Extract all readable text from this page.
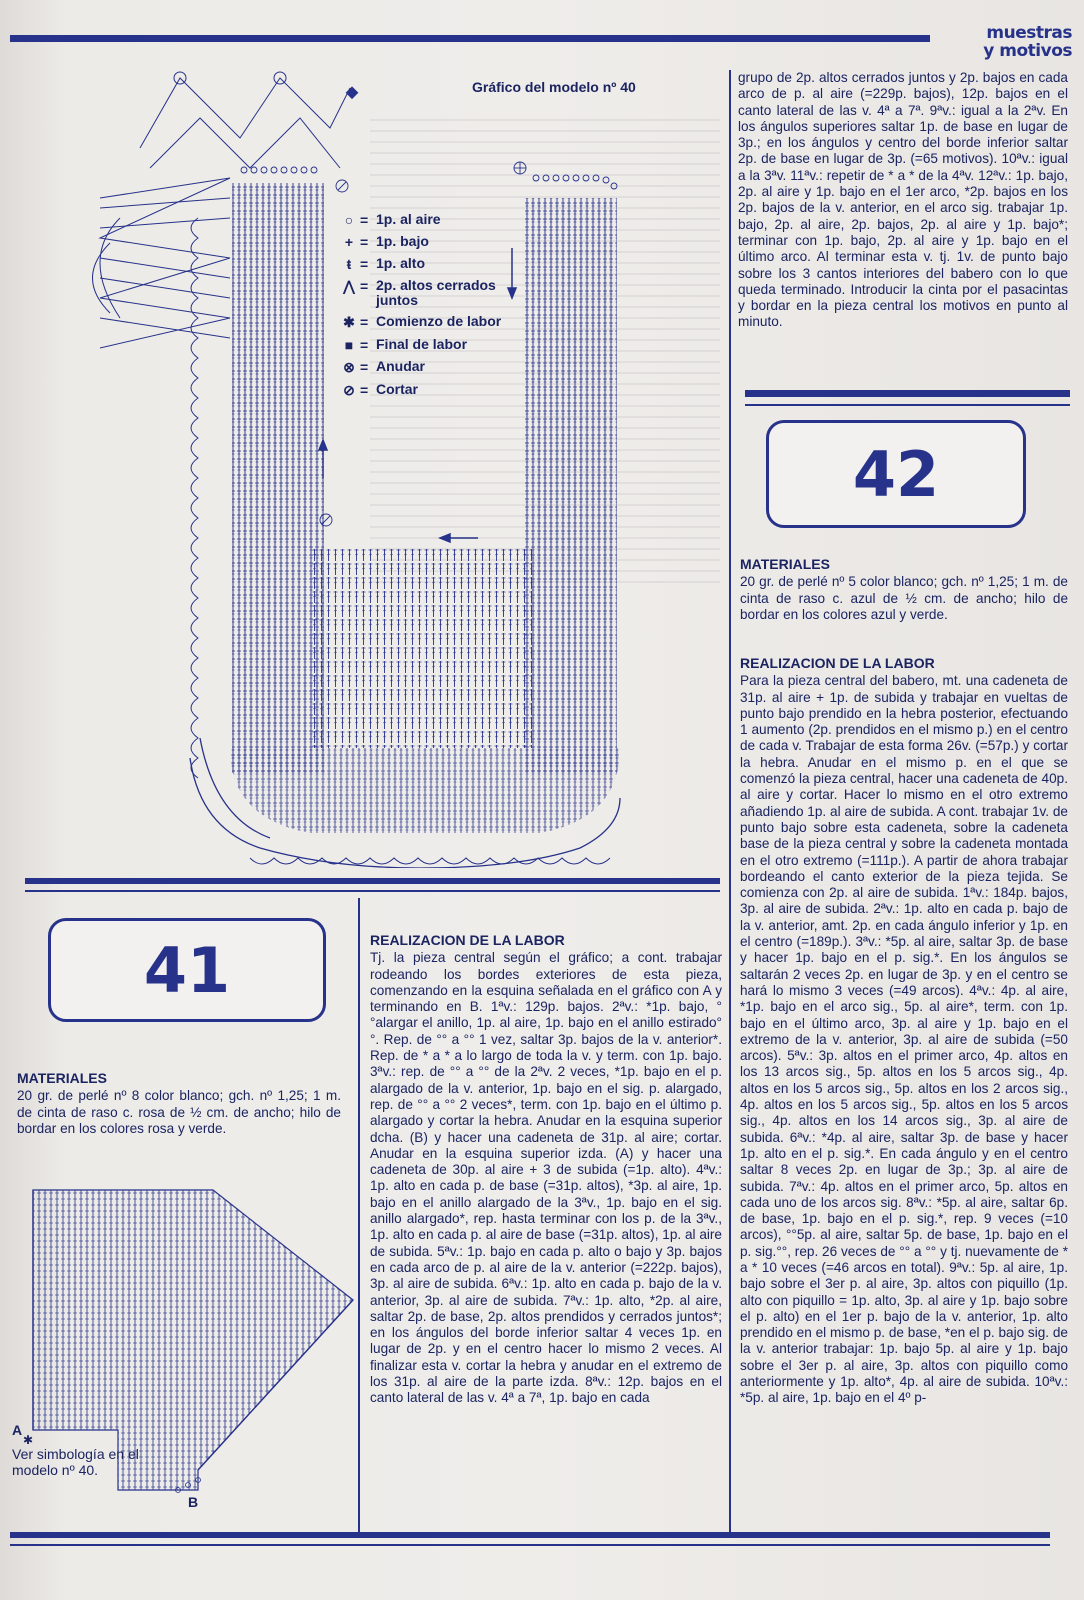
muestras
y motivos
Gráfico del modelo nº 40
○ = 1p. al aire
+ = 1p. bajo
ŧ = 1p. alto
⋀ = 2p. altos cerrados juntos
✱ = Comienzo de labor
■ = Final de labor
⊗ = Anudar
⊘ = Cortar
grupo de 2p. altos cerrados juntos y 2p. bajos en cada arco de p. al aire (=229p. bajos), 12p. bajos en el canto lateral de las v. 4ª a 7ª. 9ªv.: igual a la 2ªv. En los ángulos superiores saltar 1p. de base en lugar de 3p.; en los ángulos y centro del borde inferior saltar 2p. de base en lugar de 3p. (=65 motivos). 10ªv.: igual a la 3ªv. 11ªv.: repetir de * a * de la 4ªv. 12ªv.: 1p. bajo, 2p. al aire y 1p. bajo en el 1er arco, *2p. bajos en los 2p. bajos de la v. anterior, en el arco sig. trabajar 1p. bajo, 2p. al aire, 2p. bajos, 2p. al aire y 1p. bajo*; terminar con 1p. bajo, 2p. al aire y 1p. bajo en el último arco. Al terminar esta v. tj. 1v. de punto bajo sobre los 3 cantos interiores del babero con lo que queda terminado. Introducir la cinta por el pasacintas y bordar en la pieza central los motivos en punto al minuto.
42
MATERIALES
20 gr. de perlé nº 5 color blanco; gch. nº 1,25; 1 m. de cinta de raso c. azul de ½ cm. de ancho; hilo de bordar en los colores azul y verde.
REALIZACION DE LA LABOR
Para la pieza central del babero, mt. una cadeneta de 31p. al aire + 1p. de subida y trabajar en vueltas de punto bajo prendido en la hebra posterior, efectuando 1 aumento (2p. prendidos en el mismo p.) en el centro de cada v. Trabajar de esta forma 26v. (=57p.) y cortar la hebra. Anudar en el mismo p. en el que se comenzó la pieza central, hacer una cadeneta de 40p. al aire y cortar. Hacer lo mismo en el otro extremo añadiendo 1p. al aire de subida. A cont. trabajar 1v. de punto bajo sobre esta cadeneta, sobre la cadeneta base de la pieza central y sobre la cadeneta montada en el otro extremo (=111p.). A partir de ahora trabajar bordeando el canto exterior de la pieza tejida. Se comienza con 2p. al aire de subida. 1ªv.: 184p. bajos, 3p. al aire de subida. 2ªv.: 1p. alto en cada p. bajo de la v. anterior, amt. 2p. en cada ángulo inferior y 1p. en el centro (=189p.). 3ªv.: *5p. al aire, saltar 3p. de base y hacer 1p. bajo en el p. sig.*. En los ángulos se saltarán 2 veces 2p. en lugar de 3p. y en el centro se hará lo mismo 3 veces (=49 arcos). 4ªv.: 4p. al aire, *1p. bajo en el arco sig., 5p. al aire*, term. con 1p. bajo en el último arco, 3p. al aire y 1p. bajo en el extremo de la v. anterior, 3p. al aire de subida (=50 arcos). 5ªv.: 3p. altos en el primer arco, 4p. altos en los 13 arcos sig., 5p. altos en los 5 arcos sig., 4p. altos en los 5 arcos sig., 5p. altos en los 2 arcos sig., 4p. altos en los 5 arcos sig., 5p. altos en los 5 arcos sig., 4p. altos en los 14 arcos sig., 3p. al aire de subida. 6ªv.: *4p. al aire, saltar 3p. de base y hacer 1p. alto en el p. sig.*. En cada ángulo y en el centro saltar 8 veces 2p. en lugar de 3p.; 3p. al aire de subida. 7ªv.: 4p. altos en el primer arco, 5p. altos en cada uno de los arcos sig. 8ªv.: *5p. al aire, saltar 6p. de base, 1p. bajo en el p. sig.*, rep. 9 veces (=10 arcos), °°5p. al aire, saltar 5p. de base, 1p. bajo en el p. sig.°°, rep. 26 veces de °° a °° y tj. nuevamente de * a * 10 veces (=46 arcos en total). 9ªv.: 5p. al aire, 1p. bajo sobre el 3er p. al aire, 3p. altos con piquillo (1p. alto con piquillo = 1p. alto, 3p. al aire y 1p. bajo sobre el p. alto) en el 1er p. bajo de la v. anterior, 1p. alto prendido en el mismo p. de base, *en el p. bajo sig. de la v. anterior trabajar: 1p. bajo 5p. al aire y 1p. bajo sobre el 3er p. al aire, 3p. altos con piquillo como anteriormente y 1p. alto*, 4p. al aire de subida. 10ªv.: *5p. al aire, 1p. bajo en el 4º p-
41
MATERIALES
20 gr. de perlé nº 8 color blanco; gch. nº 1,25; 1 m. de cinta de raso c. rosa de ½ cm. de ancho; hilo de bordar en los colores rosa y verde.
A
✱
B
Ver simbología en el modelo nº 40.
REALIZACION DE LA LABOR
Tj. la pieza central según el gráfico; a cont. trabajar rodeando los bordes exteriores de esta pieza, comenzando en la esquina señalada en el gráfico con A y terminando en B. 1ªv.: 129p. bajos. 2ªv.: *1p. bajo, °°alargar el anillo, 1p. al aire, 1p. bajo en el anillo estirado°°. Rep. de °° a °° 1 vez, saltar 3p. bajos de la v. anterior*. Rep. de * a * a lo largo de toda la v. y term. con 1p. bajo. 3ªv.: rep. de °° a °° de la 2ªv. 2 veces, *1p. bajo en el p. alargado de la v. anterior, 1p. bajo en el sig. p. alargado, rep. de °° a °° 2 veces*, term. con 1p. bajo en el último p. alargado y cortar la hebra. Anudar en la esquina superior dcha. (B) y hacer una cadeneta de 31p. al aire; cortar. Anudar en la esquina superior izda. (A) y hacer una cadeneta de 30p. al aire + 3 de subida (=1p. alto). 4ªv.: 1p. alto en cada p. de base (=31p. altos), *3p. al aire, 1p. bajo en el anillo alargado de la 3ªv., 1p. bajo en el sig. anillo alargado*, rep. hasta terminar con los p. de la 3ªv., 1p. alto en cada p. al aire de base (=31p. altos), 1p. al aire de subida. 5ªv.: 1p. bajo en cada p. alto o bajo y 3p. bajos en cada arco de p. al aire de la v. anterior (=222p. bajos), 3p. al aire de subida. 6ªv.: 1p. alto en cada p. bajo de la v. anterior, 3p. al aire de subida. 7ªv.: 1p. alto, *2p. al aire, saltar 2p. de base, 2p. altos prendidos y cerrados juntos*; en los ángulos del borde inferior saltar 4 veces 1p. en lugar de 2p. y en el centro hacer lo mismo 2 veces. Al finalizar esta v. cortar la hebra y anudar en el extremo de los 31p. al aire de la parte izda. 8ªv.: 12p. bajos en el canto lateral de las v. 4ª a 7ª, 1p. bajo en cada
